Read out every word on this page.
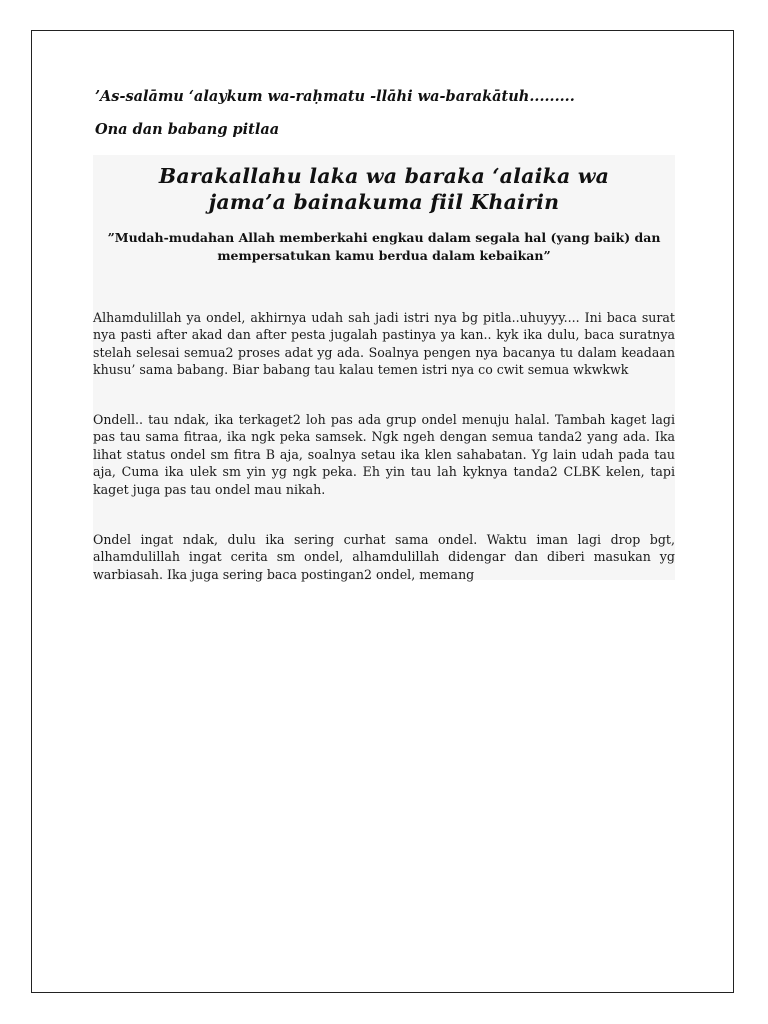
’As-salāmu ‘alaykum wa-raḥmatu -llāhi wa-barakātuh.........
Ona dan babang pitlaa
Barakallahu laka wa baraka ‘alaika wa
jama’a bainakuma fiil Khairin
”Mudah-mudahan Allah memberkahi engkau dalam segala hal (yang baik) dan mempersatukan kamu berdua dalam kebaikan”
Alhamdulillah ya ondel, akhirnya udah sah jadi istri nya bg pitla..uhuyyy.... Ini baca surat nya pasti after akad dan after pesta jugalah pastinya ya kan.. kyk ika dulu, baca suratnya stelah selesai semua2 proses adat yg ada. Soalnya pengen nya bacanya tu dalam keadaan khusu’ sama babang. Biar babang tau kalau temen istri nya co cwit semua wkwkwk
Ondell.. tau ndak, ika terkaget2 loh pas ada grup ondel menuju halal. Tambah kaget lagi pas tau sama fitraa, ika ngk peka samsek. Ngk ngeh dengan semua tanda2 yang ada. Ika lihat status ondel sm fitra B aja, soalnya setau ika klen sahabatan. Yg lain udah pada tau aja, Cuma ika ulek sm yin yg ngk peka. Eh yin tau lah kyknya tanda2 CLBK kelen, tapi kaget juga pas tau ondel mau nikah.
Ondel ingat ndak, dulu ika sering curhat sama ondel. Waktu iman lagi drop bgt, alhamdulillah ingat cerita sm ondel, alhamdulillah didengar dan diberi masukan yg warbiasah. Ika juga sering baca postingan2 ondel, memang
